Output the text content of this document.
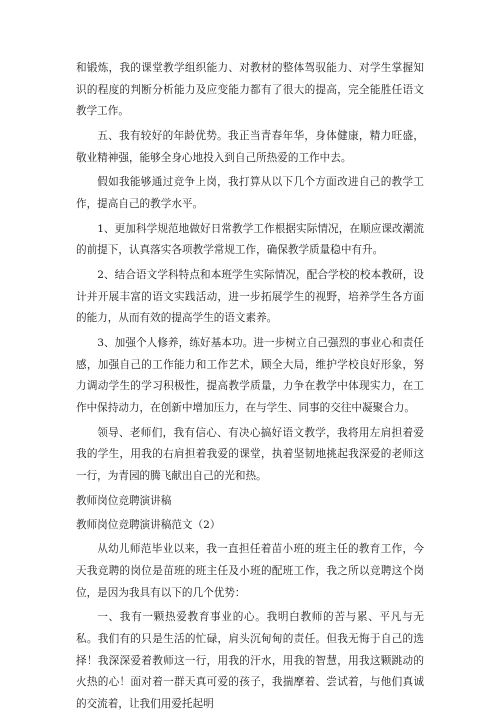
和锻炼，我的课堂教学组织能力、对教材的整体驾驭能力、对学生掌握知识的程度的判断分析能力及应变能力都有了很大的提高，完全能胜任语文教学工作。

五、我有较好的年龄优势。我正当青春年华，身体健康，精力旺盛，敬业精神强，能够全身心地投入到自己所热爱的工作中去。

假如我能够通过竞争上岗，我打算从以下几个方面改进自己的教学工作，提高自己的教学水平。

1、更加科学规范地做好日常教学工作根据实际情况，在顺应课改潮流的前提下，认真落实各项教学常规工作，确保教学质量稳中有升。

2、结合语文学科特点和本班学生实际情况，配合学校的校本教研，设计并开展丰富的语文实践活动，进一步拓展学生的视野，培养学生各方面的能力，从而有效的提高学生的语文素养。

3、加强个人修养，练好基本功。进一步树立自己强烈的事业心和责任感，加强自己的工作能力和工作艺术，顾全大局，维护学校良好形象，努力调动学生的学习积极性，提高教学质量，力争在教学中体现实力，在工作中保持动力，在创新中增加压力，在与学生、同事的交往中凝聚合力。

领导、老师们，我有信心、有决心搞好语文教学，我将用左肩担着爱我的学生，用我的右肩担着我爱的课堂，执着坚韧地挑起我深爱的老师这一行，为青园的腾飞献出自己的光和热。

教师岗位竞聘演讲稿

教师岗位竞聘演讲稿范文（2）

从幼儿师范毕业以来，我一直担任着苗小班的班主任的教育工作，今天我竞聘的岗位是苗班的班主任及小班的配班工作，我之所以竞聘这个岗位，是因为我具有以下的几个优势：

一、我有一颗热爱教育事业的心。我明白教师的苦与累、平凡与无私。我们有的只是生活的忙碌，肩头沉甸甸的责任。但我无悔于自己的选择！我深深爱着教师这一行，用我的汗水，用我的智慧，用我这颗跳动的火热的心！面对着一群天真可爱的孩子，我揣摩着、尝试着，与他们真诚的交流着，让我们用爱托起明
